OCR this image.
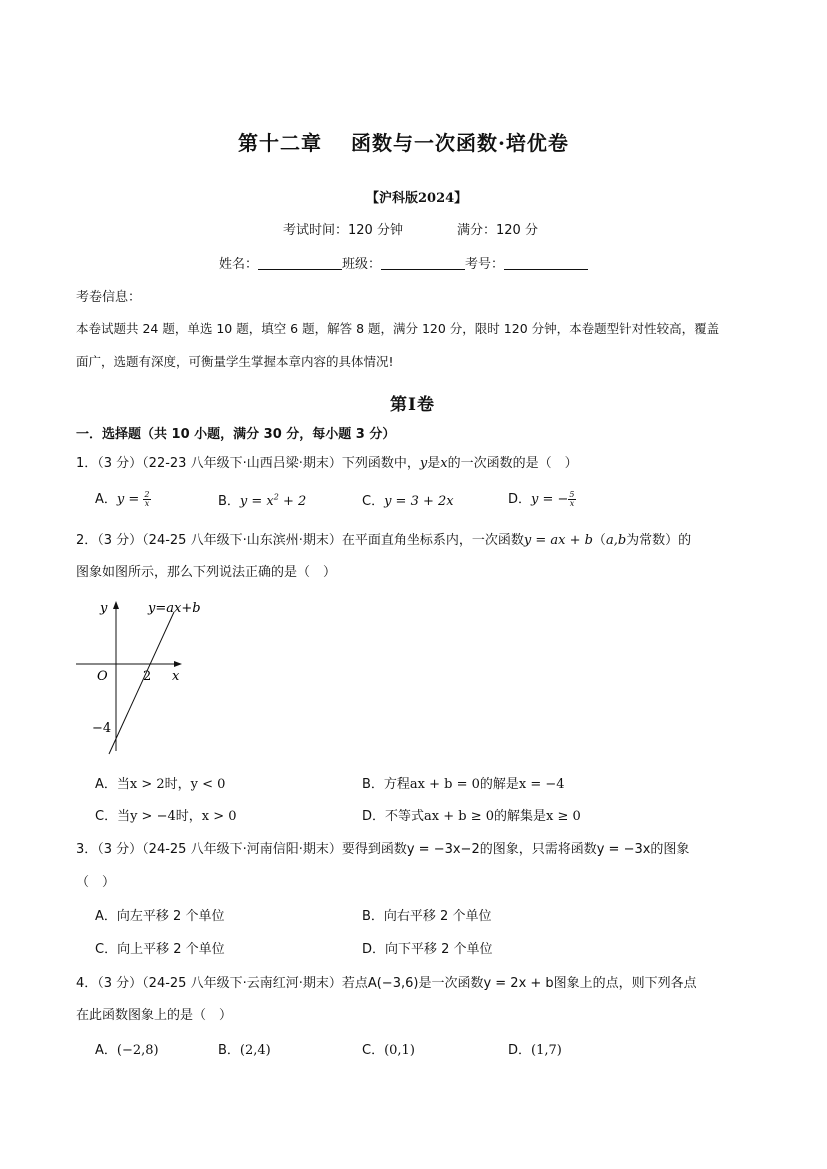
第十二章　 函数与一次函数·培优卷
【沪科版2024】
考试时间：120 分钟	满分：120 分
姓名：	班级：	考号：
考卷信息：
本卷试题共 24 题，单选 10 题，填空 6 题，解答 8 题，满分 120 分，限时 120 分钟，本卷题型针对性较高，覆盖
面广，选题有深度，可衡量学生掌握本章内容的具体情况!
第Ⅰ卷
一．选择题（共 10 小题，满分 30 分，每小题 3 分）
1．（3 分）（22-23 八年级下·山西吕梁·期末）下列函数中，y是x的一次函数的是（　）
A．$y = \frac{2}{x}$	B．$y = x^2 + 2$	C．y = 3 + 2x	D．y = − $\frac{5}{x}$
2．（3 分）（24-25 八年级下·山东滨州·期末）在平面直角坐标系内，一次函数y = ax + b（a,b为常数）的
图象如图所示，那么下列说法正确的是（　）
y
x
O
y=ax+b
2
−4
A．当x > 2时，y < 0	B．方程ax + b = 0的解是x = −4
C．当y > −4时，x > 0	D．不等式ax + b ≥ 0的解集是x ≥ 0
3．（3 分）（24-25 八年级下·河南信阳·期末）要得到函数y = −3x−2的图象，只需将函数y = −3x的图象
（　）
A．向左平移 2 个单位	B．向右平移 2 个单位
C．向上平移 2 个单位	D．向下平移 2 个单位
4．（3 分）（24-25 八年级下·云南红河·期末）若点A(−3,6)是一次函数y = 2x + b图象上的点，则下列各点
在此函数图象上的是（　）
A．(−2,8)	B．(2,4)	C．(0,1)	D．(1,7)
